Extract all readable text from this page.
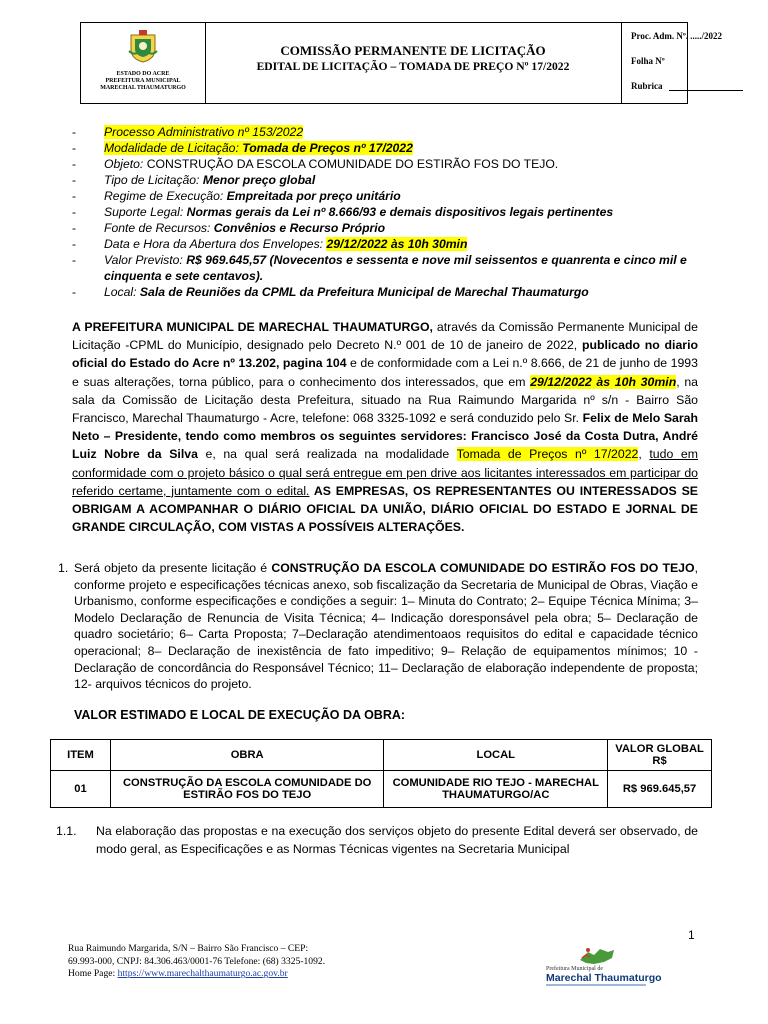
ESTADO DO ACRE
PREFEITURA MUNICIPAL
MARECHAL THAUMATURGO
COMISSÃO PERMANENTE DE LICITAÇÃO
EDITAL DE LICITAÇÃO – TOMADA DE PREÇO Nº 17/2022
Proc. Adm. Nº. ...../2022
Folha Nº
Rubrica
- Processo Administrativo nº 153/2022
- Modalidade de Licitação: Tomada de Preços nº 17/2022
- Objeto: CONSTRUÇÃO DA ESCOLA COMUNIDADE DO ESTIRÃO FOS DO TEJO.
- Tipo de Licitação: Menor preço global
- Regime de Execução: Empreitada por preço unitário
- Suporte Legal: Normas gerais da Lei nº 8.666/93 e demais dispositivos legais pertinentes
- Fonte de Recursos: Convênios e Recurso Próprio
- Data e Hora da Abertura dos Envelopes: 29/12/2022 às 10h 30min
- Valor Previsto: R$ 969.645,57 (Novecentos e sessenta e nove mil seissentos e quanrenta e cinco mil e cinquenta e sete centavos).
- Local: Sala de Reuniões da CPML da Prefeitura Municipal de Marechal Thaumaturgo
A PREFEITURA MUNICIPAL DE MARECHAL THAUMATURGO, através da Comissão Permanente Municipal de Licitação -CPML do Município, designado pelo Decreto N.º 001 de 10 de janeiro de 2022, publicado no diario oficial do Estado do Acre nº 13.202, pagina 104 e de conformidade com a Lei n.º 8.666, de 21 de junho de 1993 e suas alterações, torna público, para o conhecimento dos interessados, que em 29/12/2022 às 10h 30min, na sala da Comissão de Licitação desta Prefeitura, situado na Rua Raimundo Margarida nº s/n - Bairro São Francisco, Marechal Thaumaturgo - Acre, telefone: 068 3325-1092 e será conduzido pelo Sr. Felix de Melo Sarah Neto – Presidente, tendo como membros os seguintes servidores: Francisco José da Costa Dutra, André Luiz Nobre da Silva e, na qual será realizada na modalidade Tomada de Preços nº 17/2022, tudo em conformidade com o projeto básico o qual será entregue em pen drive aos licitantes interessados em participar do referido certame, juntamente com o edital. AS EMPRESAS, OS REPRESENTANTES OU INTERESSADOS SE OBRIGAM A ACOMPANHAR O DIÁRIO OFICIAL DA UNIÃO, DIÁRIO OFICIAL DO ESTADO E JORNAL DE GRANDE CIRCULAÇÃO, COM VISTAS A POSSÍVEIS ALTERAÇÕES.
1. Será objeto da presente licitação é CONSTRUÇÃO DA ESCOLA COMUNIDADE DO ESTIRÃO FOS DO TEJO, conforme projeto e especificações técnicas anexo, sob fiscalização da Secretaria de Municipal de Obras, Viação e Urbanismo, conforme especificações e condições a seguir: 1– Minuta do Contrato; 2– Equipe Técnica Mínima; 3– Modelo Declaração de Renuncia de Visita Técnica; 4– Indicação doresponsável pela obra; 5– Declaração de quadro societário; 6– Carta Proposta; 7–Declaração atendimentoaos requisitos do edital e capacidade técnico operacional; 8– Declaração de inexistência de fato impeditivo; 9– Relação de equipamentos mínimos; 10 - Declaração de concordância do Responsável Técnico; 11– Declaração de elaboração independente de proposta; 12- arquivos técnicos do projeto.
VALOR ESTIMADO E LOCAL DE EXECUÇÃO DA OBRA:
ITEM	OBRA	LOCAL	VALOR GLOBAL R$
01	CONSTRUÇÃO DA ESCOLA COMUNIDADE DO ESTIRÃO FOS DO TEJO	COMUNIDADE RIO TEJO - MARECHAL THAUMATURGO/AC	R$ 969.645,57
1.1. Na elaboração das propostas e na execução dos serviços objeto do presente Edital deverá ser observado, de modo geral, as Especificações e as Normas Técnicas vigentes na Secretaria Municipal
1
Rua Raimundo Margarida, S/N – Bairro São Francisco – CEP:
69.993-000, CNPJ: 84.306.463/0001-76 Telefone: (68) 3325-1092.
Home Page: https://www.marechalthaumaturgo.ac.gov.br	Prefeitura Municipal de
Marechal Thaumaturgo
